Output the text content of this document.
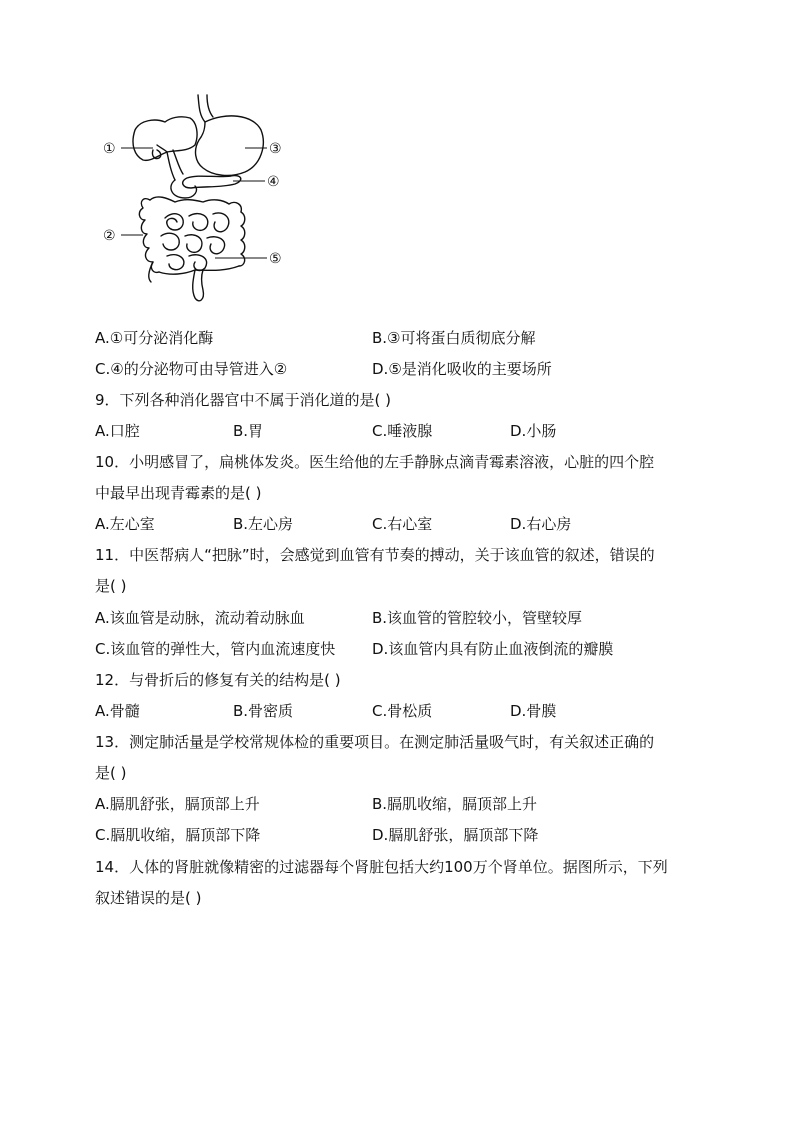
①
②
③
④
⑤
A.①可分泌消化酶	B.③可将蛋白质彻底分解
C.④的分泌物可由导管进入②	D.⑤是消化吸收的主要场所
9．下列各种消化器官中不属于消化道的是( )
A.口腔	B.胃	C.唾液腺	D.小肠
10．小明感冒了，扁桃体发炎。医生给他的左手静脉点滴青霉素溶液，心脏的四个腔
中最早出现青霉素的是( )
A.左心室	B.左心房	C.右心室	D.右心房
11．中医帮病人“把脉”时，会感觉到血管有节奏的搏动，关于该血管的叙述，错误的
是( )
A.该血管是动脉，流动着动脉血	B.该血管的管腔较小，管壁较厚
C.该血管的弹性大，管内血流速度快 D.该血管内具有防止血液倒流的瓣膜
12．与骨折后的修复有关的结构是( )
A.骨髓	B.骨密质	C.骨松质	D.骨膜
13．测定肺活量是学校常规体检的重要项目。在测定肺活量吸气时，有关叙述正确的
是( )
A.膈肌舒张，膈顶部上升	B.膈肌收缩，膈顶部上升
C.膈肌收缩，膈顶部下降	D.膈肌舒张，膈顶部下降
14．人体的肾脏就像精密的过滤器每个肾脏包括大约100万个肾单位。据图所示，下列
叙述错误的是( )
